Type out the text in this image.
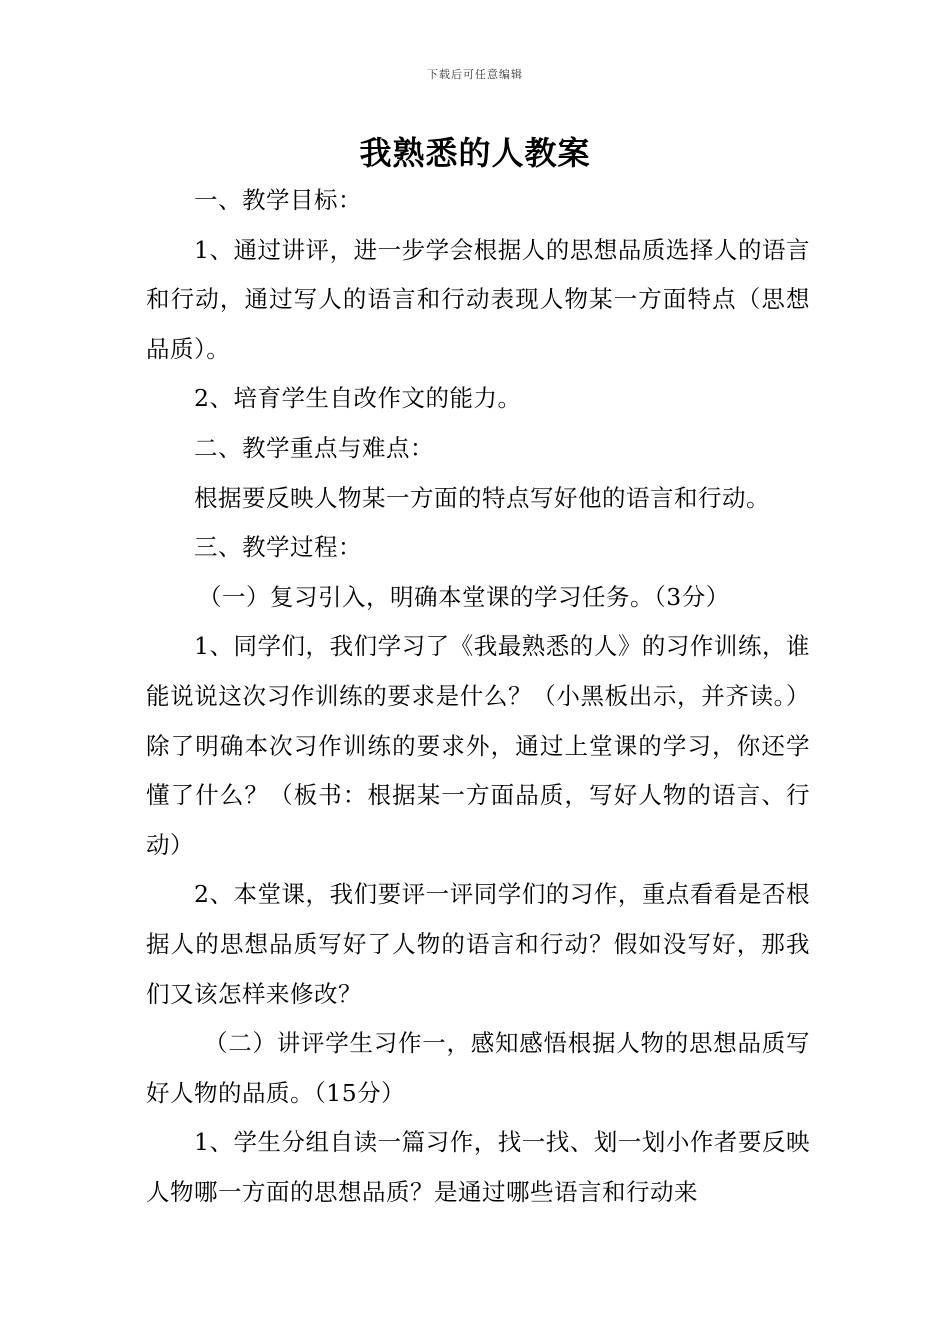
下载后可任意编辑
我熟悉的人教案

一、教学目标：

1、通过讲评，进一步学会根据人的思想品质选择人的语言和行动，通过写人的语言和行动表现人物某一方面特点（思想品质）。

2、培育学生自改作文的能力。

二、教学重点与难点：

根据要反映人物某一方面的特点写好他的语言和行动。

三、教学过程：

（一）复习引入，明确本堂课的学习任务。（3分）

1、同学们，我们学习了《我最熟悉的人》的习作训练，谁能说说这次习作训练的要求是什么？（小黑板出示，并齐读。）除了明确本次习作训练的要求外，通过上堂课的学习，你还学懂了什么？（板书：根据某一方面品质，写好人物的语言、行动）

2、本堂课，我们要评一评同学们的习作，重点看看是否根据人的思想品质写好了人物的语言和行动？假如没写好，那我们又该怎样来修改？

（二）讲评学生习作一，感知感悟根据人物的思想品质写好人物的品质。（15分）

1、学生分组自读一篇习作，找一找、划一划小作者要反映人物哪一方面的思想品质？是通过哪些语言和行动来
